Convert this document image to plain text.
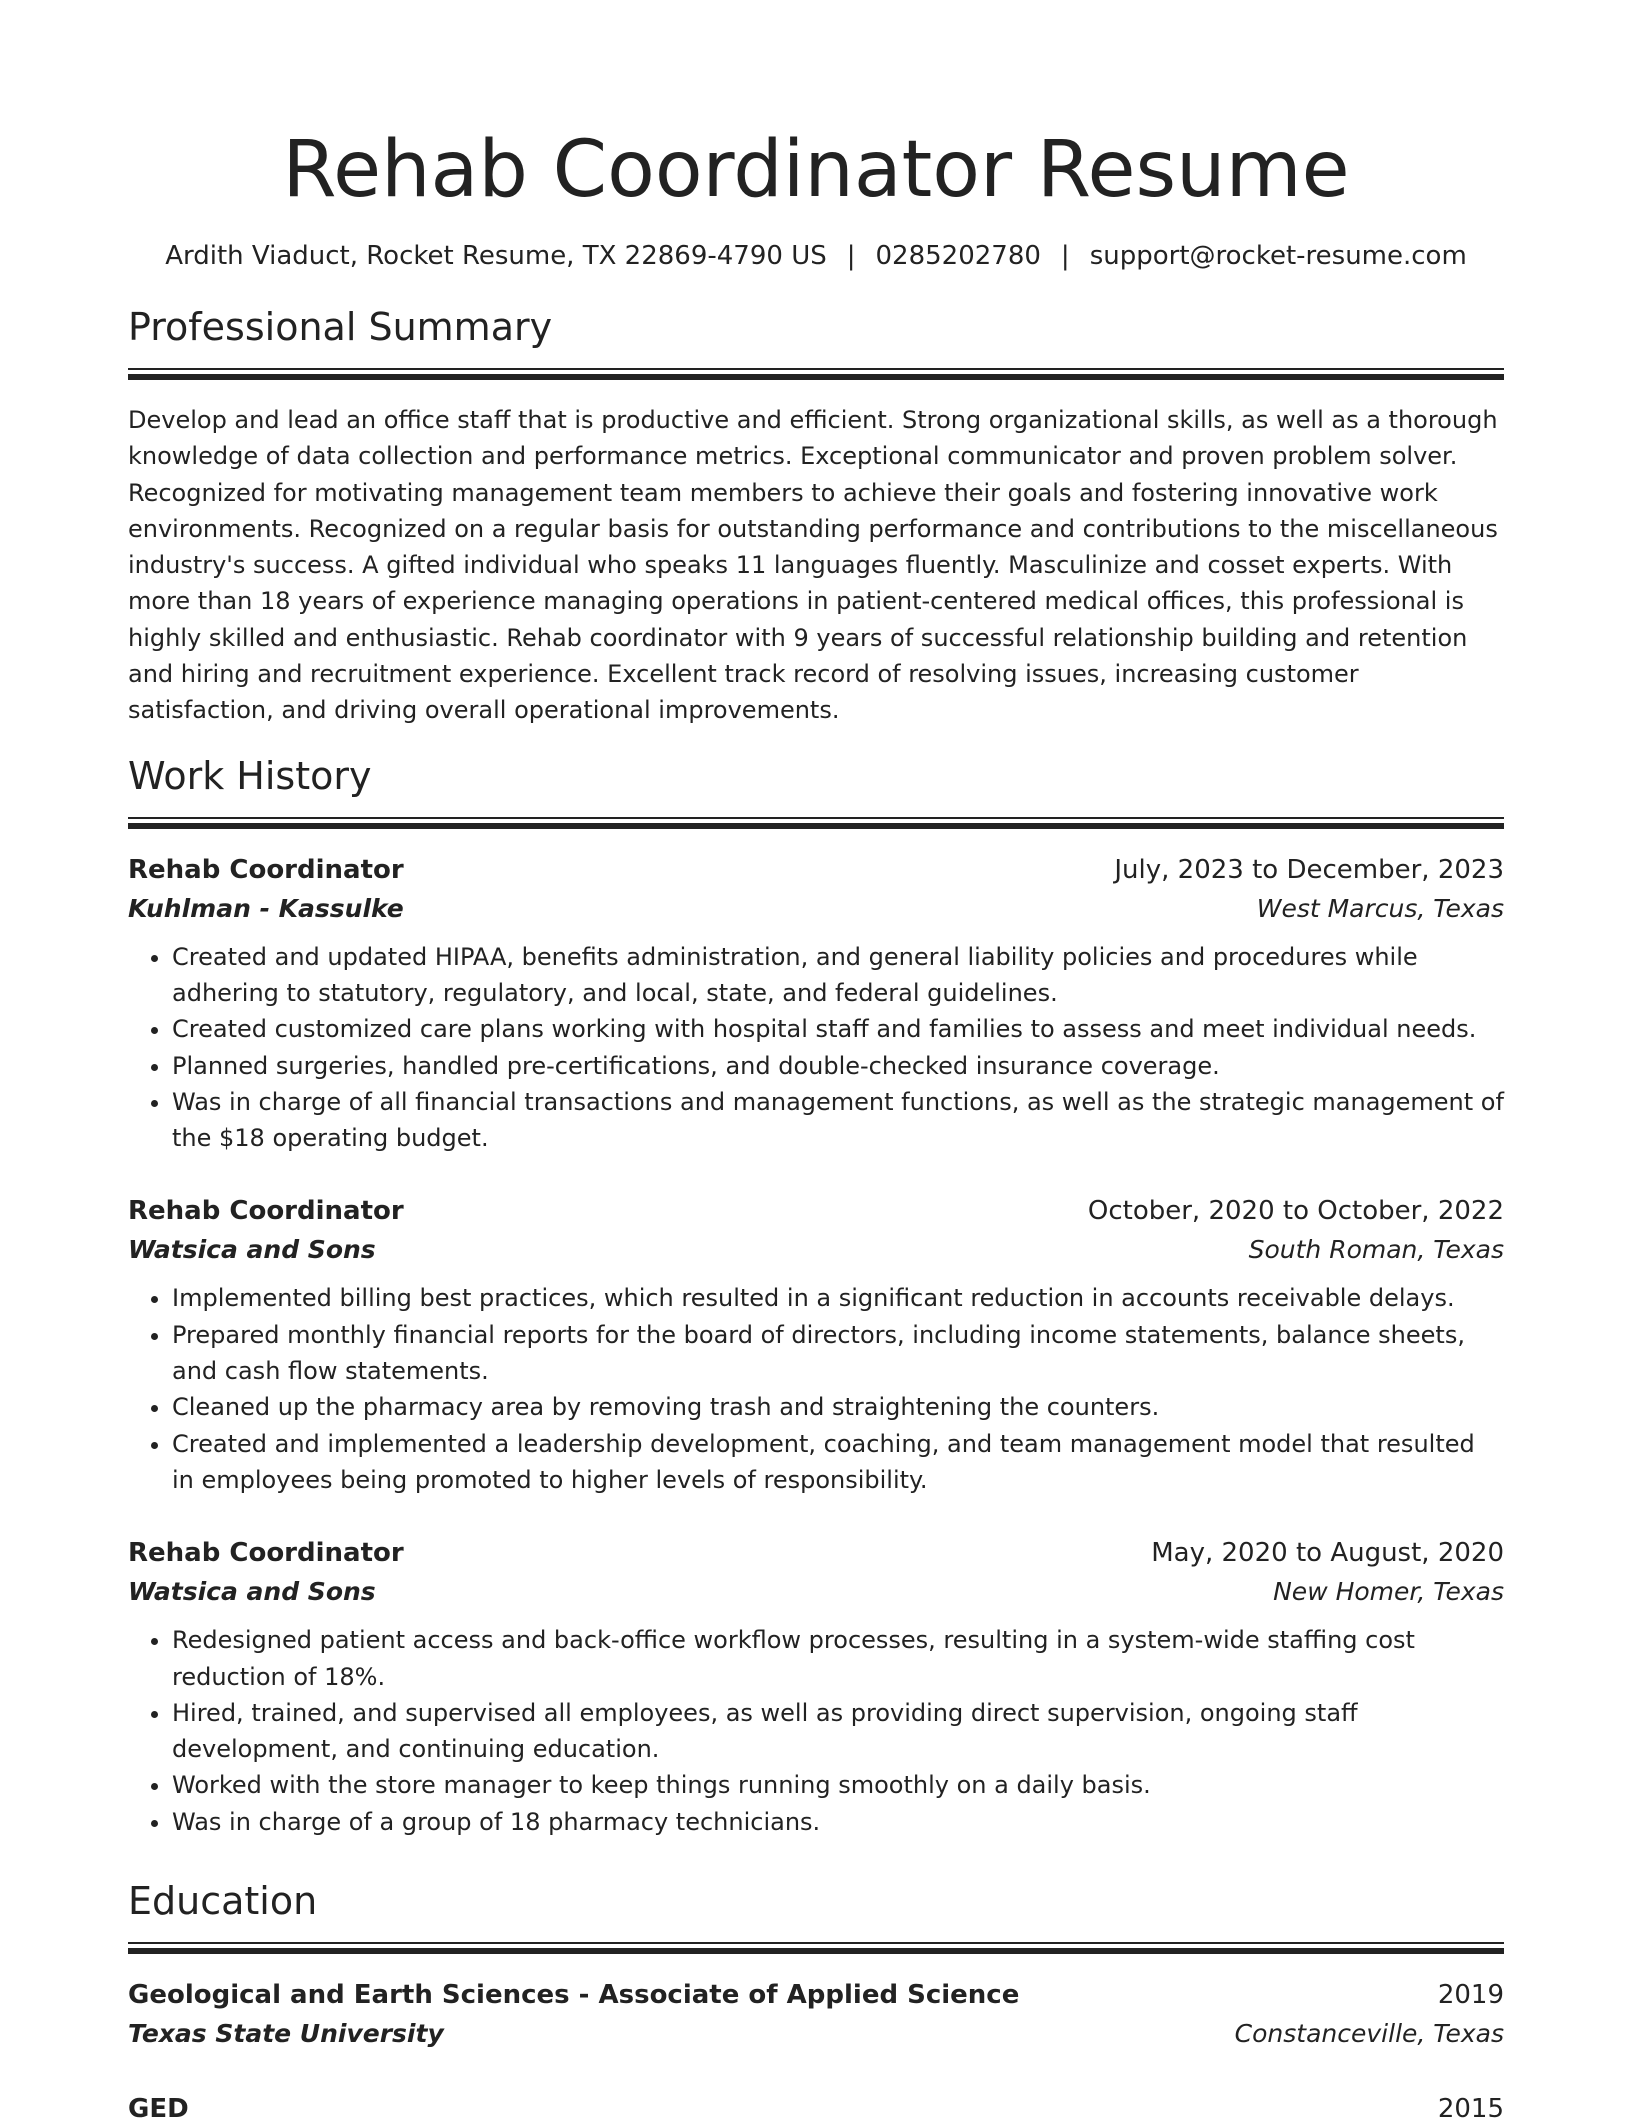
Rehab Coordinator Resume
Ardith Viaduct, Rocket Resume, TX 22869-4790 US | 0285202780 | support@rocket-resume.com
Professional Summary

Develop and lead an office staff that is productive and efficient. Strong organizational skills, as well as a thorough knowledge of data collection and performance metrics. Exceptional communicator and proven problem solver. Recognized for motivating management team members to achieve their goals and fostering innovative work environments. Recognized on a regular basis for outstanding performance and contributions to the miscellaneous industry's success. A gifted individual who speaks 11 languages fluently. Masculinize and cosset experts. With more than 18 years of experience managing operations in patient-centered medical offices, this professional is highly skilled and enthusiastic. Rehab coordinator with 9 years of successful relationship building and retention and hiring and recruitment experience. Excellent track record of resolving issues, increasing customer satisfaction, and driving overall operational improvements.

Work History
Rehab Coordinator	July, 2023 to December, 2023
Kuhlman - Kassulke	West Marcus, Texas
• Created and updated HIPAA, benefits administration, and general liability policies and procedures while adhering to statutory, regulatory, and local, state, and federal guidelines.
• Created customized care plans working with hospital staff and families to assess and meet individual needs.
• Planned surgeries, handled pre-certifications, and double-checked insurance coverage.
• Was in charge of all financial transactions and management functions, as well as the strategic management of the $18 operating budget.
Rehab Coordinator	October, 2020 to October, 2022
Watsica and Sons	South Roman, Texas
• Implemented billing best practices, which resulted in a significant reduction in accounts receivable delays.
• Prepared monthly financial reports for the board of directors, including income statements, balance sheets, and cash flow statements.
• Cleaned up the pharmacy area by removing trash and straightening the counters.
• Created and implemented a leadership development, coaching, and team management model that resulted in employees being promoted to higher levels of responsibility.
Rehab Coordinator	May, 2020 to August, 2020
Watsica and Sons	New Homer, Texas
• Redesigned patient access and back-office workflow processes, resulting in a system-wide staffing cost reduction of 18%.
• Hired, trained, and supervised all employees, as well as providing direct supervision, ongoing staff development, and continuing education.
• Worked with the store manager to keep things running smoothly on a daily basis.
• Was in charge of a group of 18 pharmacy technicians.
Education
Geological and Earth Sciences - Associate of Applied Science	2019
Texas State University	Constanceville, Texas
GED	2015
